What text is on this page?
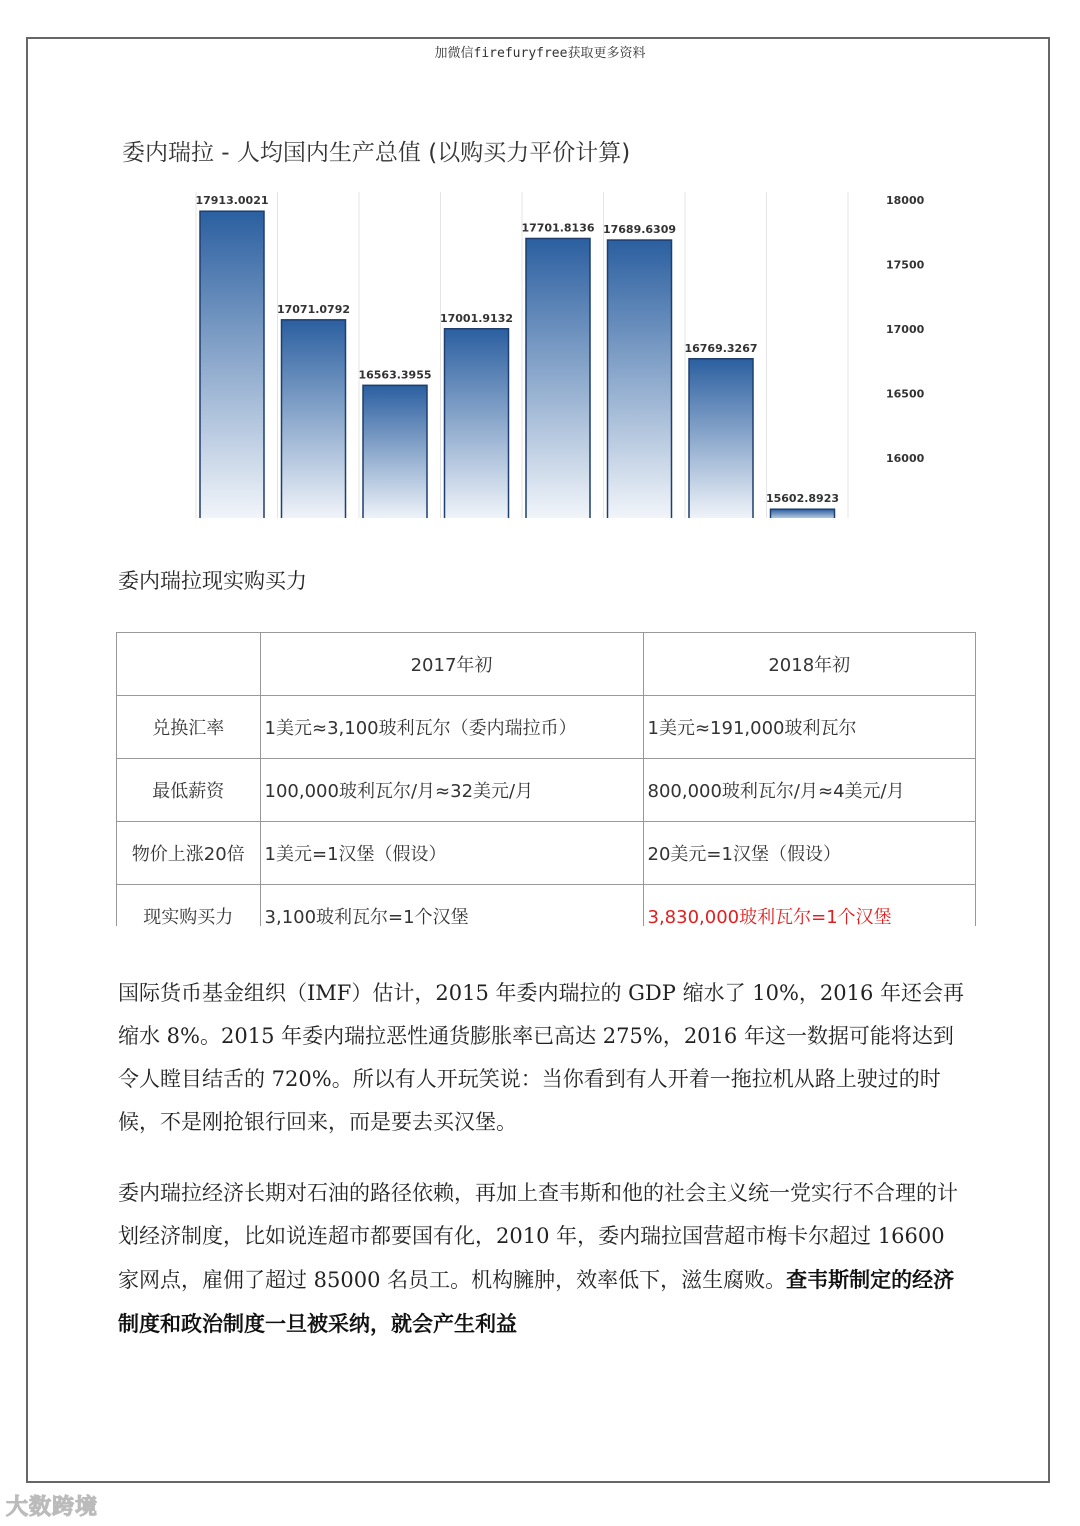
加微信firefuryfree获取更多资料
17913.0021
17071.0792
16563.3955
17001.9132
17701.8136 17689.6309
16769.3267
15602.8923
18000
17500
17000
16500
16000
委内瑞拉 - 人均国内生产总值 (以购买力平价计算)
委内瑞拉现实购买力
	2017年初	2018年初
兑换汇率	1美元≈3,100玻利瓦尔（委内瑞拉币）	1美元≈191,000玻利瓦尔
最低薪资	100,000玻利瓦尔/月≈32美元/月	800,000玻利瓦尔/月≈4美元/月
物价上涨20倍	1美元=1汉堡（假设）	20美元=1汉堡（假设）
现实购买力	3,100玻利瓦尔=1个汉堡	3,830,000玻利瓦尔=1个汉堡
国际货币基金组织（IMF）估计，2015 年委内瑞拉的 GDP 缩水了 10%，2016 年还会再缩水 8%。2015 年委内瑞拉恶性通货膨胀率已高达 275%，2016 年这一数据可能将达到令人瞠目结舌的 720%。所以有人开玩笑说：当你看到有人开着一拖拉机从路上驶过的时候，不是刚抢银行回来，而是要去买汉堡。
委内瑞拉经济长期对石油的路径依赖，再加上查韦斯和他的社会主义统一党实行不合理的计划经济制度，比如说连超市都要国有化，2010 年，委内瑞拉国营超市梅卡尔超过 16600 家网点，雇佣了超过 85000 名员工。机构臃肿，效率低下，滋生腐败。查韦斯制定的经济制度和政治制度一旦被采纳，就会产生利益
大数跨境
